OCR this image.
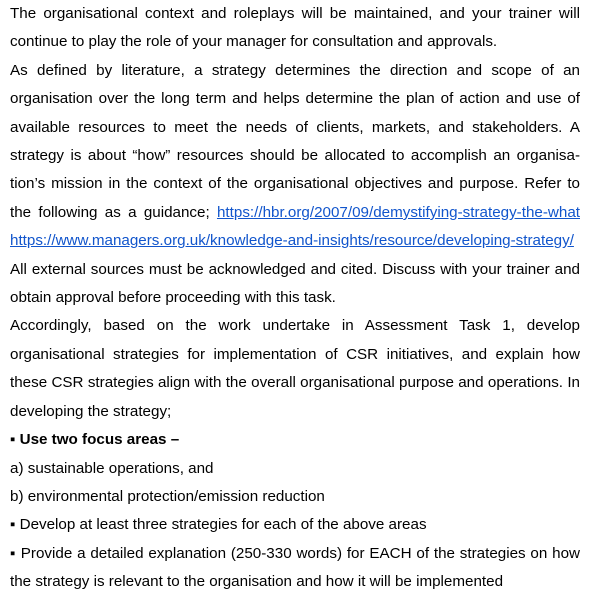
The organisational context and roleplays will be maintained, and your trainer will continue to play the role of your manager for consultation and approvals.

As defined by literature, a strategy determines the direction and scope of an organisation over the long term and helps determine the plan of action and use of available resources to meet the needs of clients, markets, and stakeholders. A strategy is about “how” resources should be allocated to accomplish an organisa-tion’s mission in the context of the organisational objectives and purpose. Refer to the following as a guidance; https://hbr.org/2007/09/demystifying-strategy-the-what https://www.managers.org.uk/knowledge-and-insights/resource/developing-strategy/ All external sources must be acknowledged and cited. Discuss with your trainer and obtain approval before proceeding with this task.

Accordingly, based on the work undertake in Assessment Task 1, develop organisational strategies for implementation of CSR initiatives, and explain how these CSR strategies align with the overall organisational purpose and operations. In developing the strategy;

▪ Use two focus areas –

a) sustainable operations, and

b) environmental protection/emission reduction

▪ Develop at least three strategies for each of the above areas

▪ Provide a detailed explanation (250-330 words) for EACH of the strategies on how the strategy is relevant to the organisation and how it will be implemented
